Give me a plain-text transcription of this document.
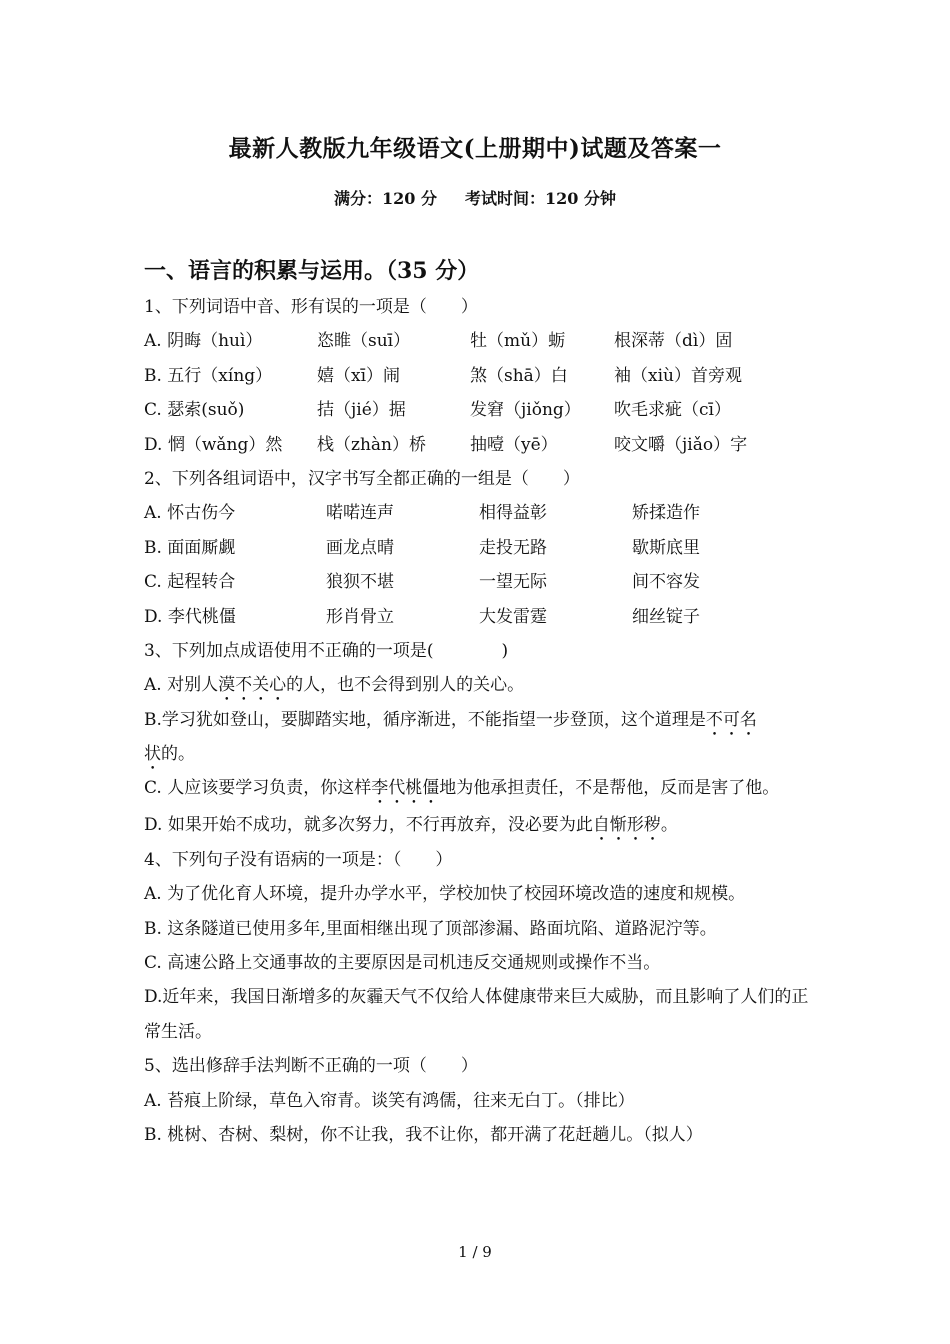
最新人教版九年级语文(上册期中)试题及答案一
满分：120 分 考试时间：120 分钟
一、语言的积累与运用。（35 分）
1、下列词语中音、形有误的一项是（　　）
A. 阴晦（huì）	恣睢（suī）	牡（mǔ）蛎	根深蒂（dì）固
B. 五行（xíng）	嬉（xī）闹	煞（shā）白	袖（xiù）首旁观
C. 瑟索(suǒ)	拮（jié）据	发窘（jiǒng）	吹毛求疵（cī）
D. 惘（wǎng）然	栈（zhàn）桥	抽噎（yē）	咬文嚼（jiǎo）字
2、下列各组词语中，汉字书写全都正确的一组是（　　）
A. 怀古伤今	喏喏连声	相得益彰	矫揉造作
B. 面面厮觑	画龙点晴	走投无路	歇斯底里
C. 起程转合	狼狈不堪	一望无际	间不容发
D. 李代桃僵	形肖骨立	大发雷霆	细丝锭子
3、下列加点成语使用不正确的一项是(　　　　)
A. 对别人漠不关心的人，也不会得到别人的关心。
B.学习犹如登山，要脚踏实地，循序渐进，不能指望一步登顶，这个道理是不可名
状的。
C. 人应该要学习负责，你这样李代桃僵地为他承担责任，不是帮他，反而是害了他。
D. 如果开始不成功，就多次努力，不行再放弃，没必要为此自惭形秽。
4、下列句子没有语病的一项是：（　　）
A. 为了优化育人环境，提升办学水平，学校加快了校园环境改造的速度和规模。
B. 这条隧道已使用多年,里面相继出现了顶部渗漏、路面坑陷、道路泥泞等。
C. 高速公路上交通事故的主要原因是司机违反交通规则或操作不当。
D.近年来，我国日渐增多的灰霾天气不仅给人体健康带来巨大威胁，而且影响了人们的正常生活。
5、选出修辞手法判断不正确的一项（　　）
A. 苔痕上阶绿，草色入帘青。谈笑有鸿儒，往来无白丁。（排比）
B. 桃树、杏树、梨树，你不让我，我不让你，都开满了花赶趟儿。（拟人）
1 / 9
